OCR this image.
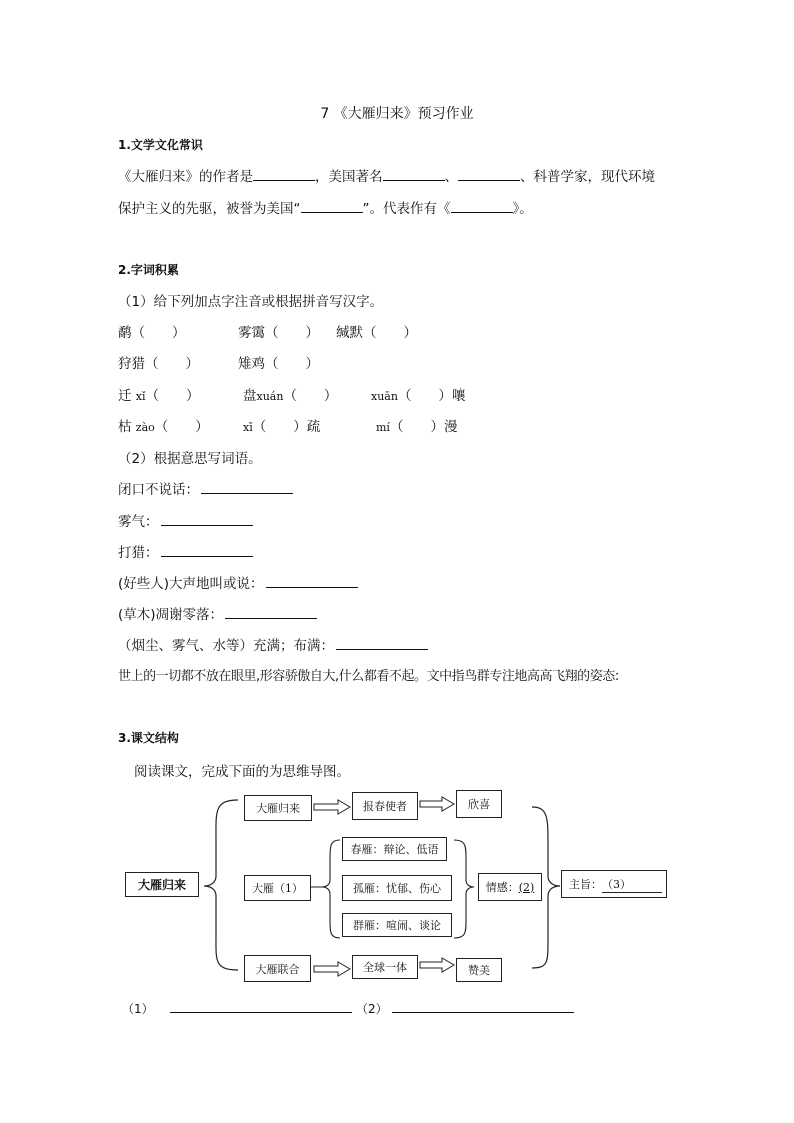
7 《大雁归来》预习作业
1.文学文化常识
《大雁归来》的作者是	，美国著名	、	、科普学家，现代环境
保护主义的先驱，被誉为美国“	”。代表作有《	》。
2.字词积累
（1）给下列加点字注音或根据拼音写汉字。
鹬（　　）	雾霭（　　） 缄默（　　）
狩猎（　　）	雉鸡（　　）
迁 xǐ（　　）	盘xuán（　　）	xuān（　　）嚷
枯 zào（　　）	xī（　　）疏	mí（　　）漫
（2）根据意思写词语。
闭口不说话：
雾气：
打猎：
(好些人)大声地叫或说：
(草木)凋谢零落：
（烟尘、雾气、水等）充满；布满：
世上的一切都不放在眼里,形容骄傲自大,什么都看不起。文中指鸟群专注地高高飞翔的姿态:
3.课文结构
阅读课文，完成下面的为思维导图。
大雁归来
大雁归来	报春使者	欣喜
大雁（1）
春雁：辩论、低语
孤雁：忧郁、伤心
群雁：喧闹、谈论
情感： (2)	主旨： （3）
大雁联合	全球一体	赞美
（1）	（2）
